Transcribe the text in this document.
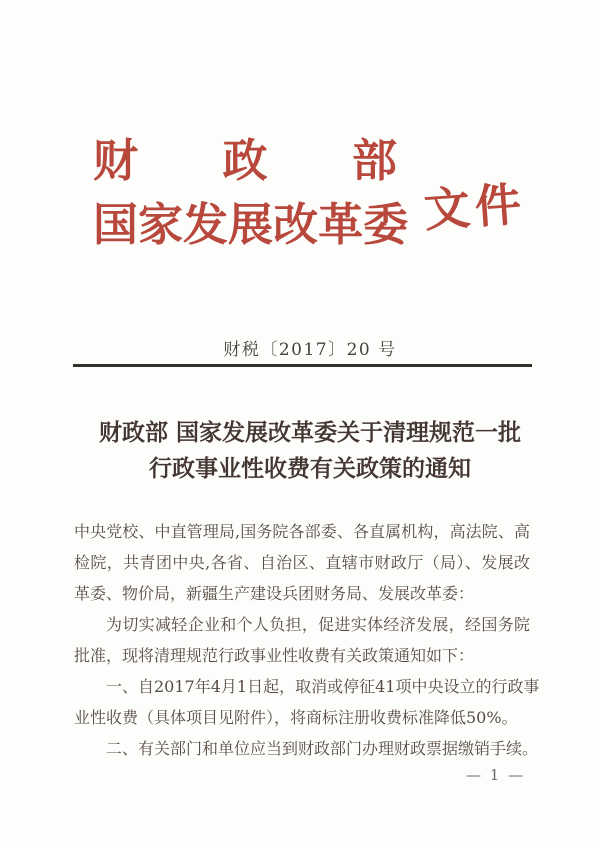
财 政 部
国 家 发 展 改 革 委 文件
财税〔2017〕20 号
财政部 国家发展改革委关于清理规范一批
行政事业性收费有关政策的通知
中央党校、中直管理局,国务院各部委、各直属机构，高法院、高
检院，共青团中央,各省、自治区、直辖市财政厅（局）、发展改
革委、物价局，新疆生产建设兵团财务局、发展改革委：
为切实减轻企业和个人负担，促进实体经济发展，经国务院
批准，现将清理规范行政事业性收费有关政策通知如下：
一、自2017年4月1日起，取消或停征41项中央设立的行政事
业性收费（具体项目见附件），将商标注册收费标准降低50%。
二、有关部门和单位应当到财政部门办理财政票据缴销手续。
— 1 —
